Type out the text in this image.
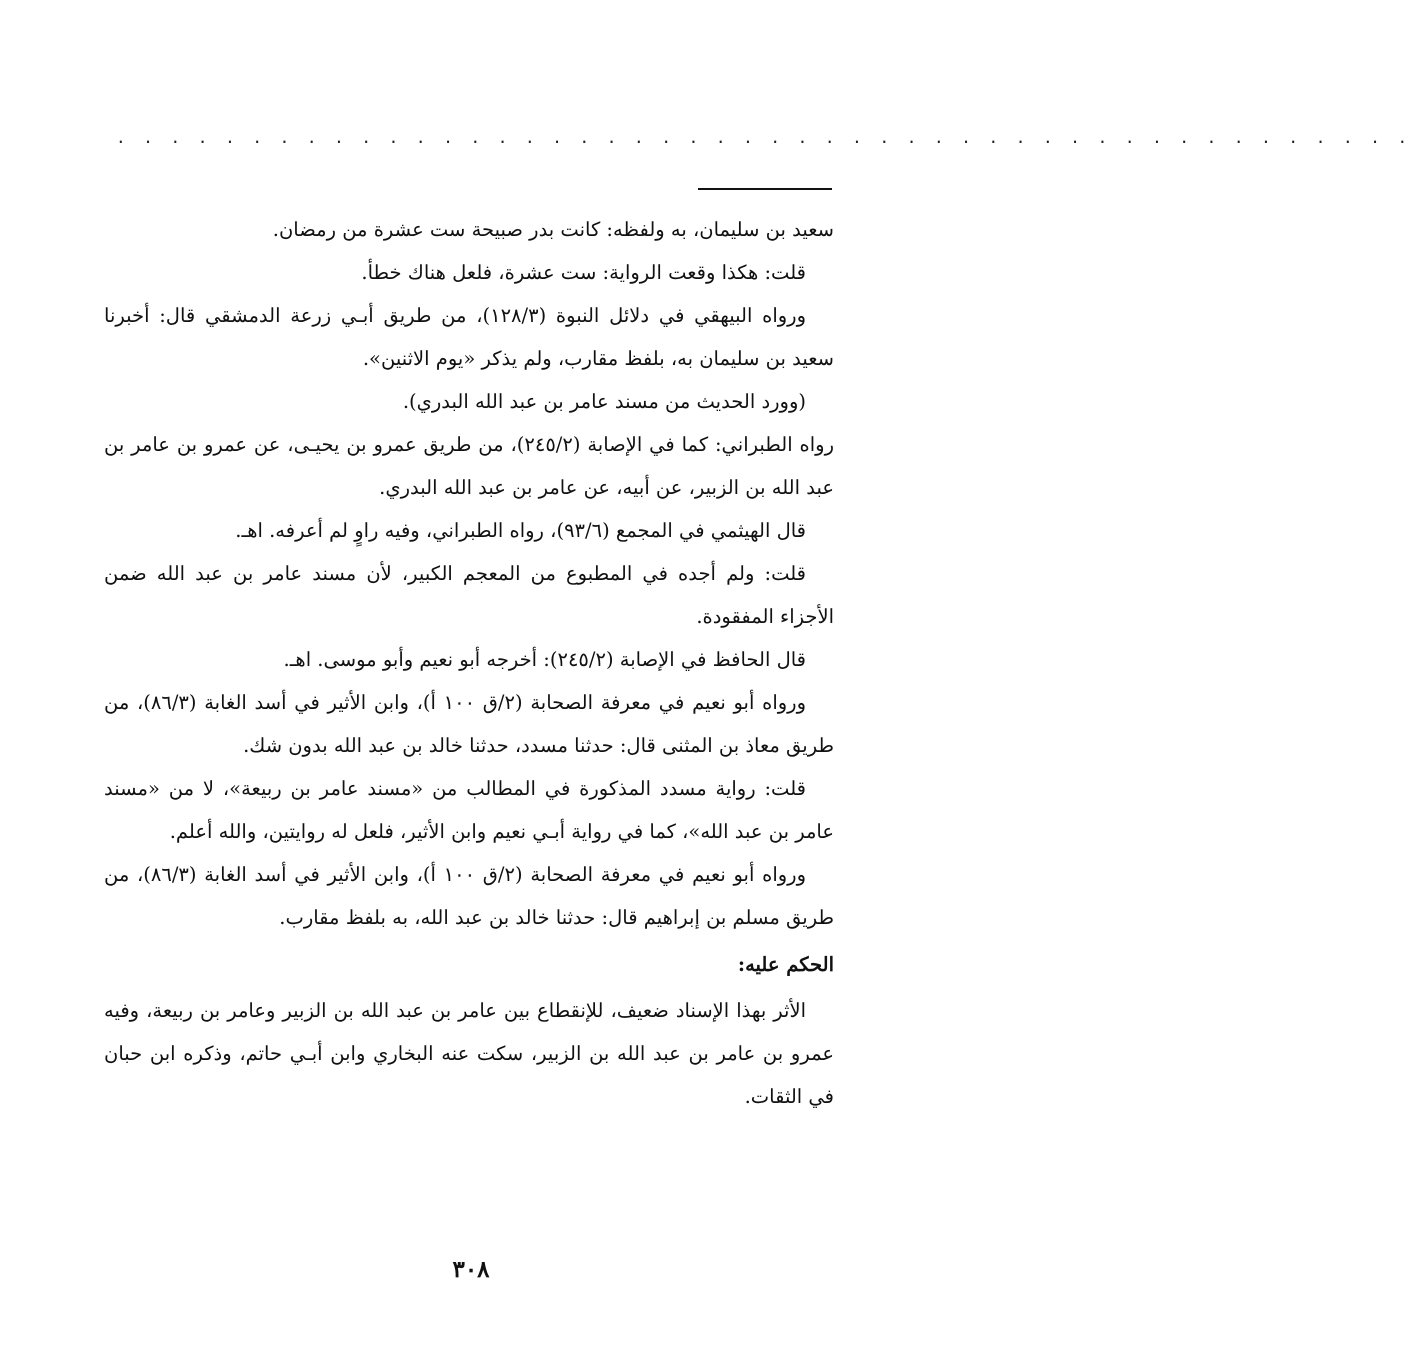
. . . . . . . . . . . . . . . . . . . . . . . . . . . . . . . . . . . . . . . . . . . . . . . .

سعيد بن سليمان، به ولفظه: كانت بدر صبيحة ست عشرة من رمضان.

قلت: هكذا وقعت الرواية: ست عشرة، فلعل هناك خطأ.

ورواه البيهقي في دلائل النبوة (١٢٨/٣)، من طريق أبـي زرعة الدمشقي قال: أخبرنا سعيد بن سليمان به، بلفظ مقارب، ولم يذكر «يوم الاثنين».

(وورد الحديث من مسند عامر بن عبد الله البدري).

رواه الطبراني: كما في الإصابة (٢٤٥/٢)، من طريق عمرو بن يحيـى، عن عمرو بن عامر بن عبد الله بن الزبير، عن أبيه، عن عامر بن عبد الله البدري.

قال الهيثمي في المجمع (٩٣/٦)، رواه الطبراني، وفيه راوٍ لم أعرفه. اهـ.

قلت: ولم أجده في المطبوع من المعجم الكبير، لأن مسند عامر بن عبد الله ضمن الأجزاء المفقودة.

قال الحافظ في الإصابة (٢٤٥/٢): أخرجه أبو نعيم وأبو موسى. اهـ.

ورواه أبو نعيم في معرفة الصحابة (٢/ق ١٠٠ أ)، وابن الأثير في أسد الغابة (٨٦/٣)، من طريق معاذ بن المثنى قال: حدثنا مسدد، حدثنا خالد بن عبد الله بدون شك.

قلت: رواية مسدد المذكورة في المطالب من «مسند عامر بن ربيعة»، لا من «مسند عامر بن عبد الله»، كما في رواية أبـي نعيم وابن الأثير، فلعل له روايتين، والله أعلم.

ورواه أبو نعيم في معرفة الصحابة (٢/ق ١٠٠ أ)، وابن الأثير في أسد الغابة (٨٦/٣)، من طريق مسلم بن إبراهيم قال: حدثنا خالد بن عبد الله، به بلفظ مقارب.

الحكم عليه:

الأثر بهذا الإسناد ضعيف، للإنقطاع بين عامر بن عبد الله بن الزبير وعامر بن ربيعة، وفيه عمرو بن عامر بن عبد الله بن الزبير، سكت عنه البخاري وابن أبـي حاتم، وذكره ابن حبان في الثقات.

٣٠٨
